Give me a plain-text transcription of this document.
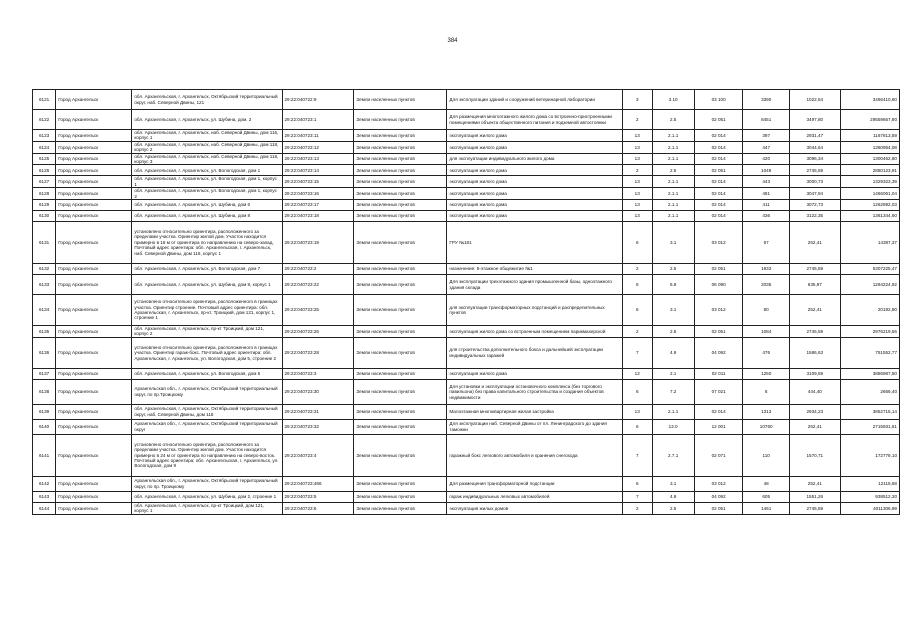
384
6121	Город Архангельск	обл. Архангельская, г. Архангельск, Октябрьский территориальный округ, наб. Северной Двины, 121	29:22:040722:9	Земли населенных пунктов	Для эксплуатации зданий и сооружений ветеринарной лаборатории	3	3.10	03 100	3390	1022,54	3466410,60
6122	Город Архангельск	обл. Архангельская, г. Архангельск, ул. Шубина, дом. 2	29:22:040723:1	Земли населенных пунктов	Для размещения многоэтажного жилого дома со встроенно-пристроенными помещениями объекта общественного питания и подземной автостоянки	2	2.5	02 051	8451	3497,80	29559667,80
6123	Город Архангельск	обл. Архангельская, г. Архангельск, наб. Северной Двины, дом 116, корпус 1	29:22:040723:11	Земли населенных пунктов	эксплуатация жилого дома	13	2.1.1	02 014	397	2931,47	1167813,59
6124	Город Архангельск	обл. Архангельская, г. Архангельск, наб. Северной Двины, дом 118, корпус 2	29:22:040723:12	Земли населенных пунктов	эксплуатация жилого дома	13	2.1.1	02 014	447	3044,64	1360954,08
6125	Город Архангельск	обл. Архангельская, г. Архангельск, наб. Северной Двины, дом 118, корпус 3	29:22:040723:13	Земли населенных пунктов	для эксплуатации индивидуального жилого дома	13	2.1.1	02 014	420	3096,34	1300462,80
6126	Город Архангельск	обл. Архангельская, г. Архангельск, ул. Вологодская, дом 1	29:22:040723:14	Земли населенных пунктов	эксплуатация жилого дома	2	2.5	02 051	1049	2745,59	2880123,91
6127	Город Архангельск	обл. Архангельская, г. Архангельск, ул. Вологодская, дом 1, корпус 1	29:22:040723:15	Земли населенных пунктов	эксплуатация жилого дома	13	2.1.1	02 014	443	3000,73	1329323,39
6128	Город Архангельск	обл. Архангельская, г. Архангельск, ул. Вологодская, дом 1, корпус 2	29:22:040723:16	Земли населенных пунктов	эксплуатация жилого дома	13	2.1.1	02 014	481	3047,94	1466061,04
6129	Город Архангельск	обл. Архангельская, г. Архангельск, ул. Шубина, дом 6	29:22:040723:17	Земли населенных пунктов	эксплуатация жилого дома	13	2.1.1	02 014	411	3072,73	1262892,03
6130	Город Архангельск	обл. Архангельская, г. Архангельск, ул. Шубина, дом 8	29:22:040723:18	Земли населенных пунктов	эксплуатация жилого дома	13	2.1.1	02 014	436	3122,35	1361344,60
6131	Город Архангельск	установлено относительно ориентира, расположенного за пределами участка. Ориентир жилой дом. Участок находится примерно в 18 м от ориентира по направлению на северо-запад. Почтовый адрес ориентира: обл. Архангельская, г. Архангельск, наб. Северной Двины, дом 116, корпус 1	29:22:040723:19	Земли населенных пунктов	ГРУ №181	6	3.1	03 012	57	252,41	14387,37
6132	Город Архангельск	обл. Архангельская, г. Архангельск, ул. Вологодская, дом 7	29:22:040723:2	Земли населенных пунктов	назначение: 5-этажное общежитие №1	2	2.5	02 051	1933	2745,59	5307225,47
6133	Город Архангельск	обл. Архангельская, г. Архангельск, ул. Шубина, дом 8, корпус 1	29:22:040723:22	Земли населенных пунктов	Для эксплуатации трехэтажного здания промышленной базы, одноэтажного здания склада	6	6.9	06 090	2035	635,97	1294224,92
6134	Город Архангельск	установлено относительно ориентира, расположенного в границах участка. Ориентир строение. Почтовый адрес ориентира: обл. Архангельская, г. Архангельск, пр-кт. Троицкий, дом 121, корпус 1, строение 1	29:22:040723:25	Земли населенных пунктов	для эксплуатации трансформаторных подстанций и распределительных пунктов	6	3.1	03 012	80	252,41	20192,80
6135	Город Архангельск	обл. Архангельская, г. Архангельск, пр-кт Троицкий, дом 121, корпус 2	29:22:040723:26	Земли населенных пунктов	эксплуатация жилого дома со встроенным помещением парикмахерской	2	2.5	02 051	1084	2745,59	2976219,56
6136	Город Архангельск	установлено относительно ориентира, расположенного в границах участка. Ориентир гараж-бокс. Почтовый адрес ориентира: обл. Архангельская, г. Архангельск, ул. Вологодская, дом 5, строение 2	29:22:040723:28	Земли населенных пунктов	для строительства дополнительного бокса и дальнейшей эксплуатации индивидуальных гаражей	7	4.9	04 092	476	1586,63	751552,77
6137	Город Архангельск	обл. Архангельская, г. Архангельск, ул. Вологодская, дом 5	29:22:040723:3	Земли населенных пунктов	эксплуатация жилого дома	12	2.1	02 011	1250	3109,59	3886987,50
6138	Город Архангельск	Архангельская обл., г. Архангельск, Октябрьский территориальный округ, по пр.Троицкому	29:22:040723:30	Земли населенных пунктов	Для установки и эксплуатации остановочного комплекса (без торгового павильона) без права капитального строительства и создания объектов недвижимости	6	7.2	07 021	6	444,40	2666,40
6139	Город Архангельск	обл. Архангельская, г. Архангельск, Октябрьский территориальный округ, наб. Северной Двины, дом 118	29:22:040723:31	Земли населенных пунктов	Малоэтажная многоквартирная жилая застройка	13	2.1.1	02 014	1313	2934,23	3852715,14
6140	Город Архангельск	Архангельская обл., г. Архангельск, Октябрьский территориальный округ	29:22:040723:32	Земли населенных пунктов	Для эксплуатации наб. Северной Двины от пл. Ленинградского до здания таможни	6	12.0	12 001	10760	252,41	2715931,61
6141	Город Архангельск	установлено относительно ориентира, расположенного за пределами участка. Ориентир жилой дом. Участок находится примерно в 24 м от ориентира по направлению на северо-восток. Почтовый адрес ориентира: обл. Архангельская, г. Архангельск, ул. Вологодская, дом 9	29:22:040723:4	Земли населенных пунктов	гаражный бокс легкового автомобиля и хранения снегохода	7	2.7.1	02 071	110	1570,71	172778,10
6142	Город Архангельск	Архангельская обл., г. Архангельск, Октябрьский территориальный округ, по пр. Троицкому	29:22:040723:486	Земли населенных пунктов	Для размещения трансформаторной подстанции	6	3.1	03 012	48	252,41	12115,68
6143	Город Архангельск	обл. Архангельская, г. Архангельск, ул. Шубина, дом 2, строение 1	29:22:040723:5	Земли населенных пунктов	гараж индивидуальных легковых автомобилей	7	4.9	04 092	605	1551,26	938512,30
6144	Город Архангельск	обл. Архангельская, г. Архангельск, пр-кт Троицкий, дом 121, корпус 1	29:22:040723:6	Земли населенных пунктов	эксплуатация жилых домов	2	2.5	02 051	1461	2745,59	4011306,99
